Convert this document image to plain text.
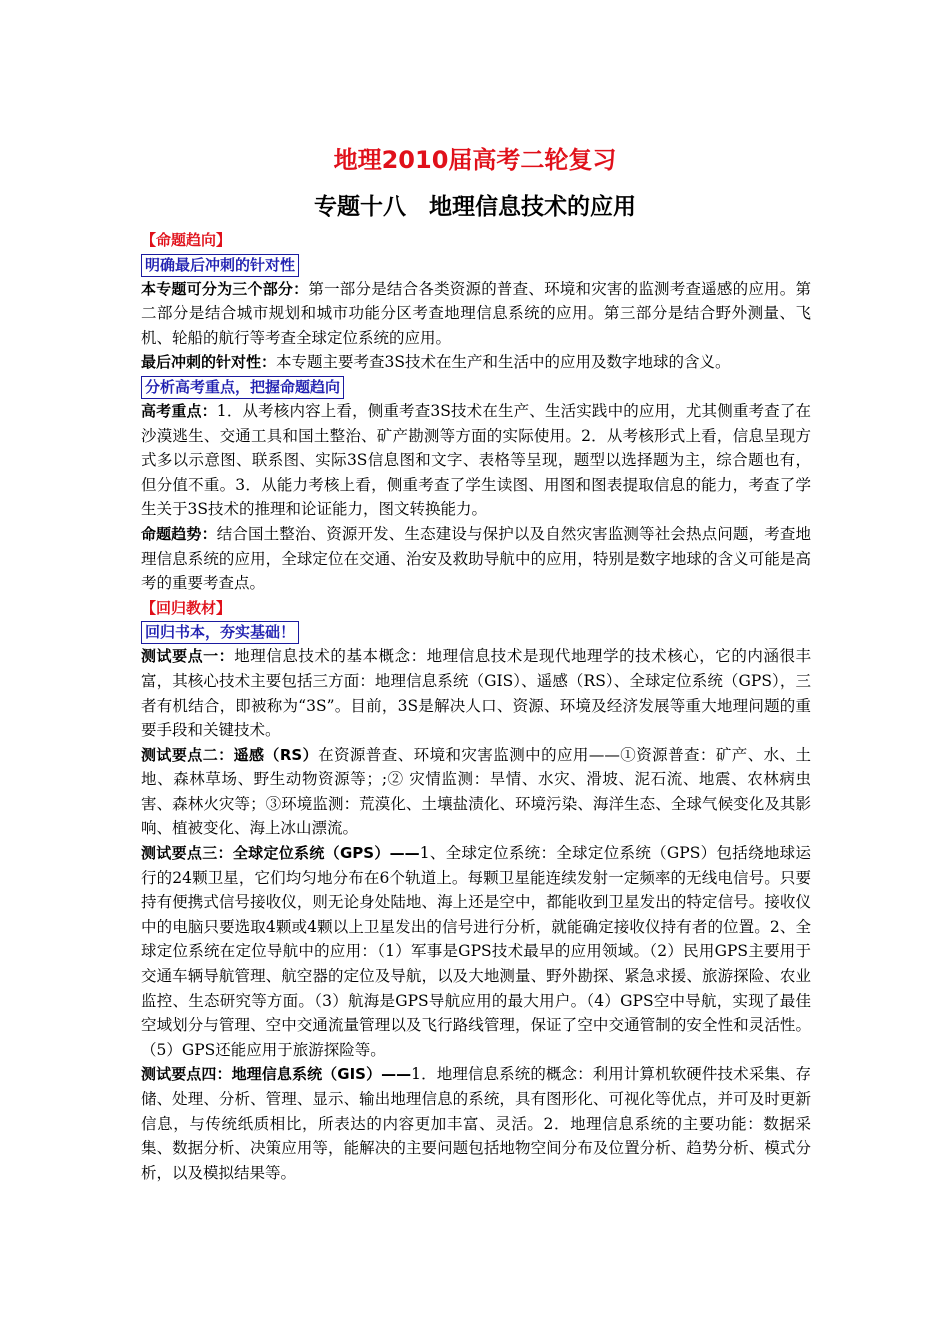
地理2010届高考二轮复习
专题十八　地理信息技术的应用

【命题趋向】

明确最后冲刺的针对性

本专题可分为三个部分：第一部分是结合各类资源的普查、环境和灾害的监测考查遥感的应用。第二部分是结合城市规划和城市功能分区考查地理信息系统的应用。第三部分是结合野外测量、飞机、轮船的航行等考查全球定位系统的应用。

最后冲刺的针对性：本专题主要考查3S技术在生产和生活中的应用及数字地球的含义。

分析高考重点，把握命题趋向

高考重点：1．从考核内容上看，侧重考查3S技术在生产、生活实践中的应用，尤其侧重考查了在沙漠逃生、交通工具和国土整治、矿产勘测等方面的实际使用。2．从考核形式上看，信息呈现方式多以示意图、联系图、实际3S信息图和文字、表格等呈现，题型以选择题为主，综合题也有，但分值不重。3．从能力考核上看，侧重考查了学生读图、用图和图表提取信息的能力，考查了学生关于3S技术的推理和论证能力，图文转换能力。

命题趋势：结合国土整治、资源开发、生态建设与保护以及自然灾害监测等社会热点问题，考查地理信息系统的应用，全球定位在交通、治安及救助导航中的应用，特别是数字地球的含义可能是高考的重要考查点。

【回归教材】

回归书本，夯实基础！

测试要点一：地理信息技术的基本概念：地理信息技术是现代地理学的技术核心，它的内涵很丰富，其核心技术主要包括三方面：地理信息系统（GIS）、遥感（RS）、全球定位系统（GPS），三者有机结合，即被称为“3S”。目前，3S是解决人口、资源、环境及经济发展等重大地理问题的重要手段和关键技术。

测试要点二：遥感（RS）在资源普查、环境和灾害监测中的应用——①资源普查：矿产、水、土地、森林草场、野生动物资源等；;② 灾情监测：旱情、水灾、滑坡、泥石流、地震、农林病虫害、森林火灾等；③环境监测：荒漠化、土壤盐渍化、环境污染、海洋生态、全球气候变化及其影响、植被变化、海上冰山漂流。

测试要点三：全球定位系统（GPS）——1、全球定位系统：全球定位系统（GPS）包括绕地球运行的24颗卫星，它们均匀地分布在6个轨道上。每颗卫星能连续发射一定频率的无线电信号。只要持有便携式信号接收仪，则无论身处陆地、海上还是空中，都能收到卫星发出的特定信号。接收仪中的电脑只要选取4颗或4颗以上卫星发出的信号进行分析，就能确定接收仪持有者的位置。2、全球定位系统在定位导航中的应用：（1）军事是GPS技术最早的应用领域。（2）民用GPS主要用于交通车辆导航管理、航空器的定位及导航，以及大地测量、野外勘探、紧急求援、旅游探险、农业监控、生态研究等方面。（3）航海是GPS导航应用的最大用户。（4）GPS空中导航，实现了最佳空域划分与管理、空中交通流量管理以及飞行路线管理，保证了空中交通管制的安全性和灵活性。（5）GPS还能应用于旅游探险等。

测试要点四：地理信息系统（GIS）——1．地理信息系统的概念：利用计算机软硬件技术采集、存储、处理、分析、管理、显示、输出地理信息的系统，具有图形化、可视化等优点，并可及时更新信息，与传统纸质相比，所表达的内容更加丰富、灵活。2．地理信息系统的主要功能：数据采集、数据分析、决策应用等，能解决的主要问题包括地物空间分布及位置分析、趋势分析、模式分析，以及模拟结果等。
